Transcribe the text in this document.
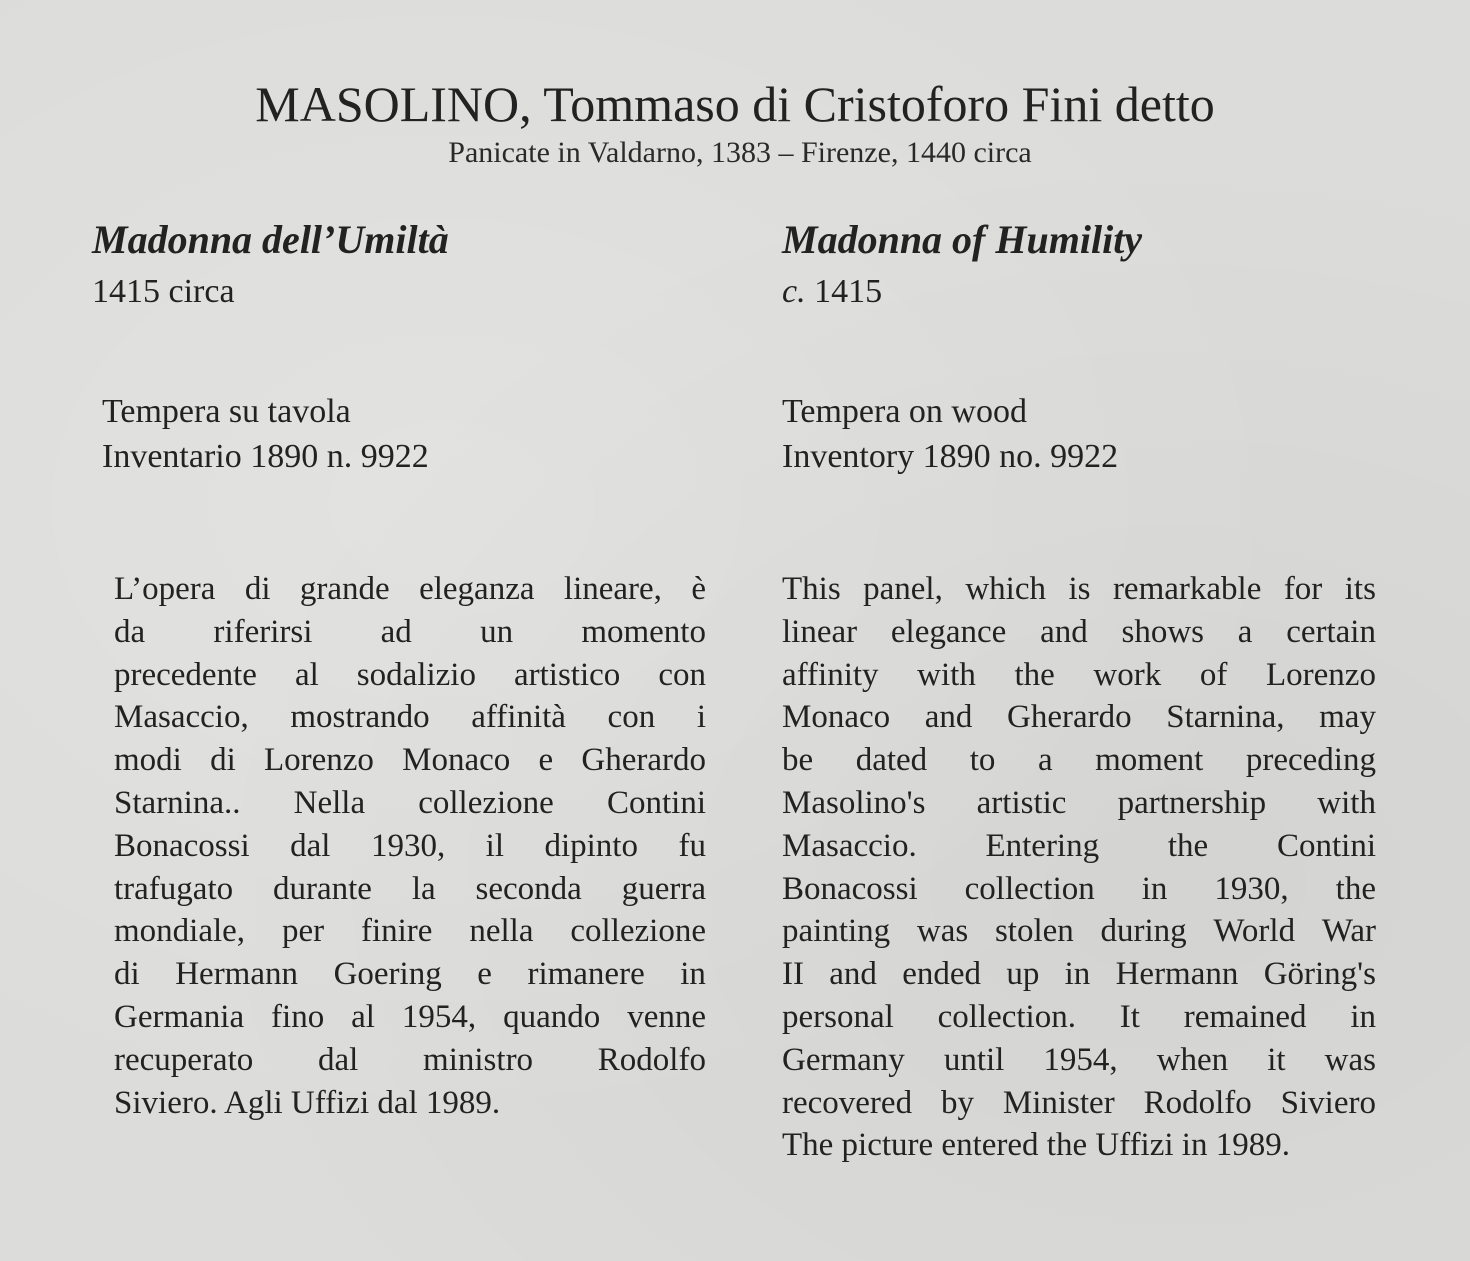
MASOLINO, Tommaso di Cristoforo Fini detto
Panicate in Valdarno, 1383 – Firenze, 1440 circa
Madonna dell’Umiltà
1415 circa
Tempera su tavola
Inventario 1890 n. 9922
L’opera di grande eleganza lineare, è
da riferirsi ad un momento
precedente al sodalizio artistico con
Masaccio, mostrando affinità con i
modi di Lorenzo Monaco e Gherardo
Starnina.. Nella collezione Contini
Bonacossi dal 1930, il dipinto fu
trafugato durante la seconda guerra
mondiale, per finire nella collezione
di Hermann Goering e rimanere in
Germania fino al 1954, quando venne
recuperato dal ministro Rodolfo
Siviero. Agli Uffizi dal 1989.
Madonna of Humility
c. 1415
Tempera on wood
Inventory 1890 no. 9922
This panel, which is remarkable for its
linear elegance and shows a certain
affinity with the work of Lorenzo
Monaco and Gherardo Starnina, may
be dated to a moment preceding
Masolino's artistic partnership with
Masaccio. Entering the Contini
Bonacossi collection in 1930, the
painting was stolen during World War
II and ended up in Hermann Göring's
personal collection. It remained in
Germany until 1954, when it was
recovered by Minister Rodolfo Siviero
The picture entered the Uffizi in 1989.
